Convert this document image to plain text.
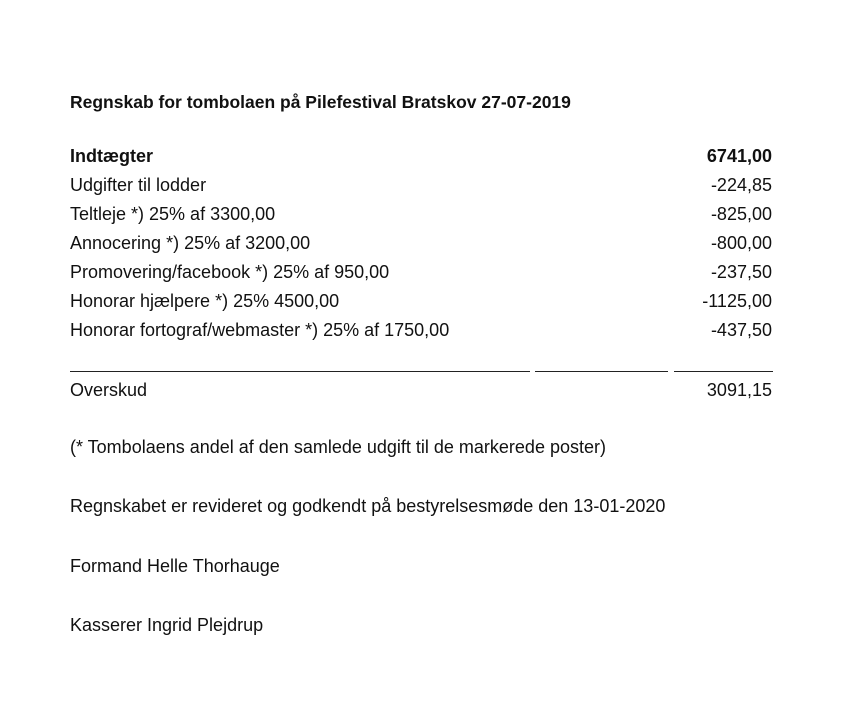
Regnskab for tombolaen på Pilefestival Bratskov 27-07-2019
Indtægter	6741,00
Udgifter til lodder	-224,85
Teltleje *) 25% af 3300,00	-825,00
Annocering *) 25% af 3200,00	-800,00
Promovering/facebook *) 25% af 950,00	-237,50
Honorar hjælpere *) 25% 4500,00	-1125,00
Honorar fortograf/webmaster *) 25% af 1750,00	-437,50
Overskud	3091,15
(* Tombolaens andel af den samlede udgift til de markerede poster)
Regnskabet er revideret og godkendt på bestyrelsesmøde den 13-01-2020
Formand Helle Thorhauge
Kasserer Ingrid Plejdrup
